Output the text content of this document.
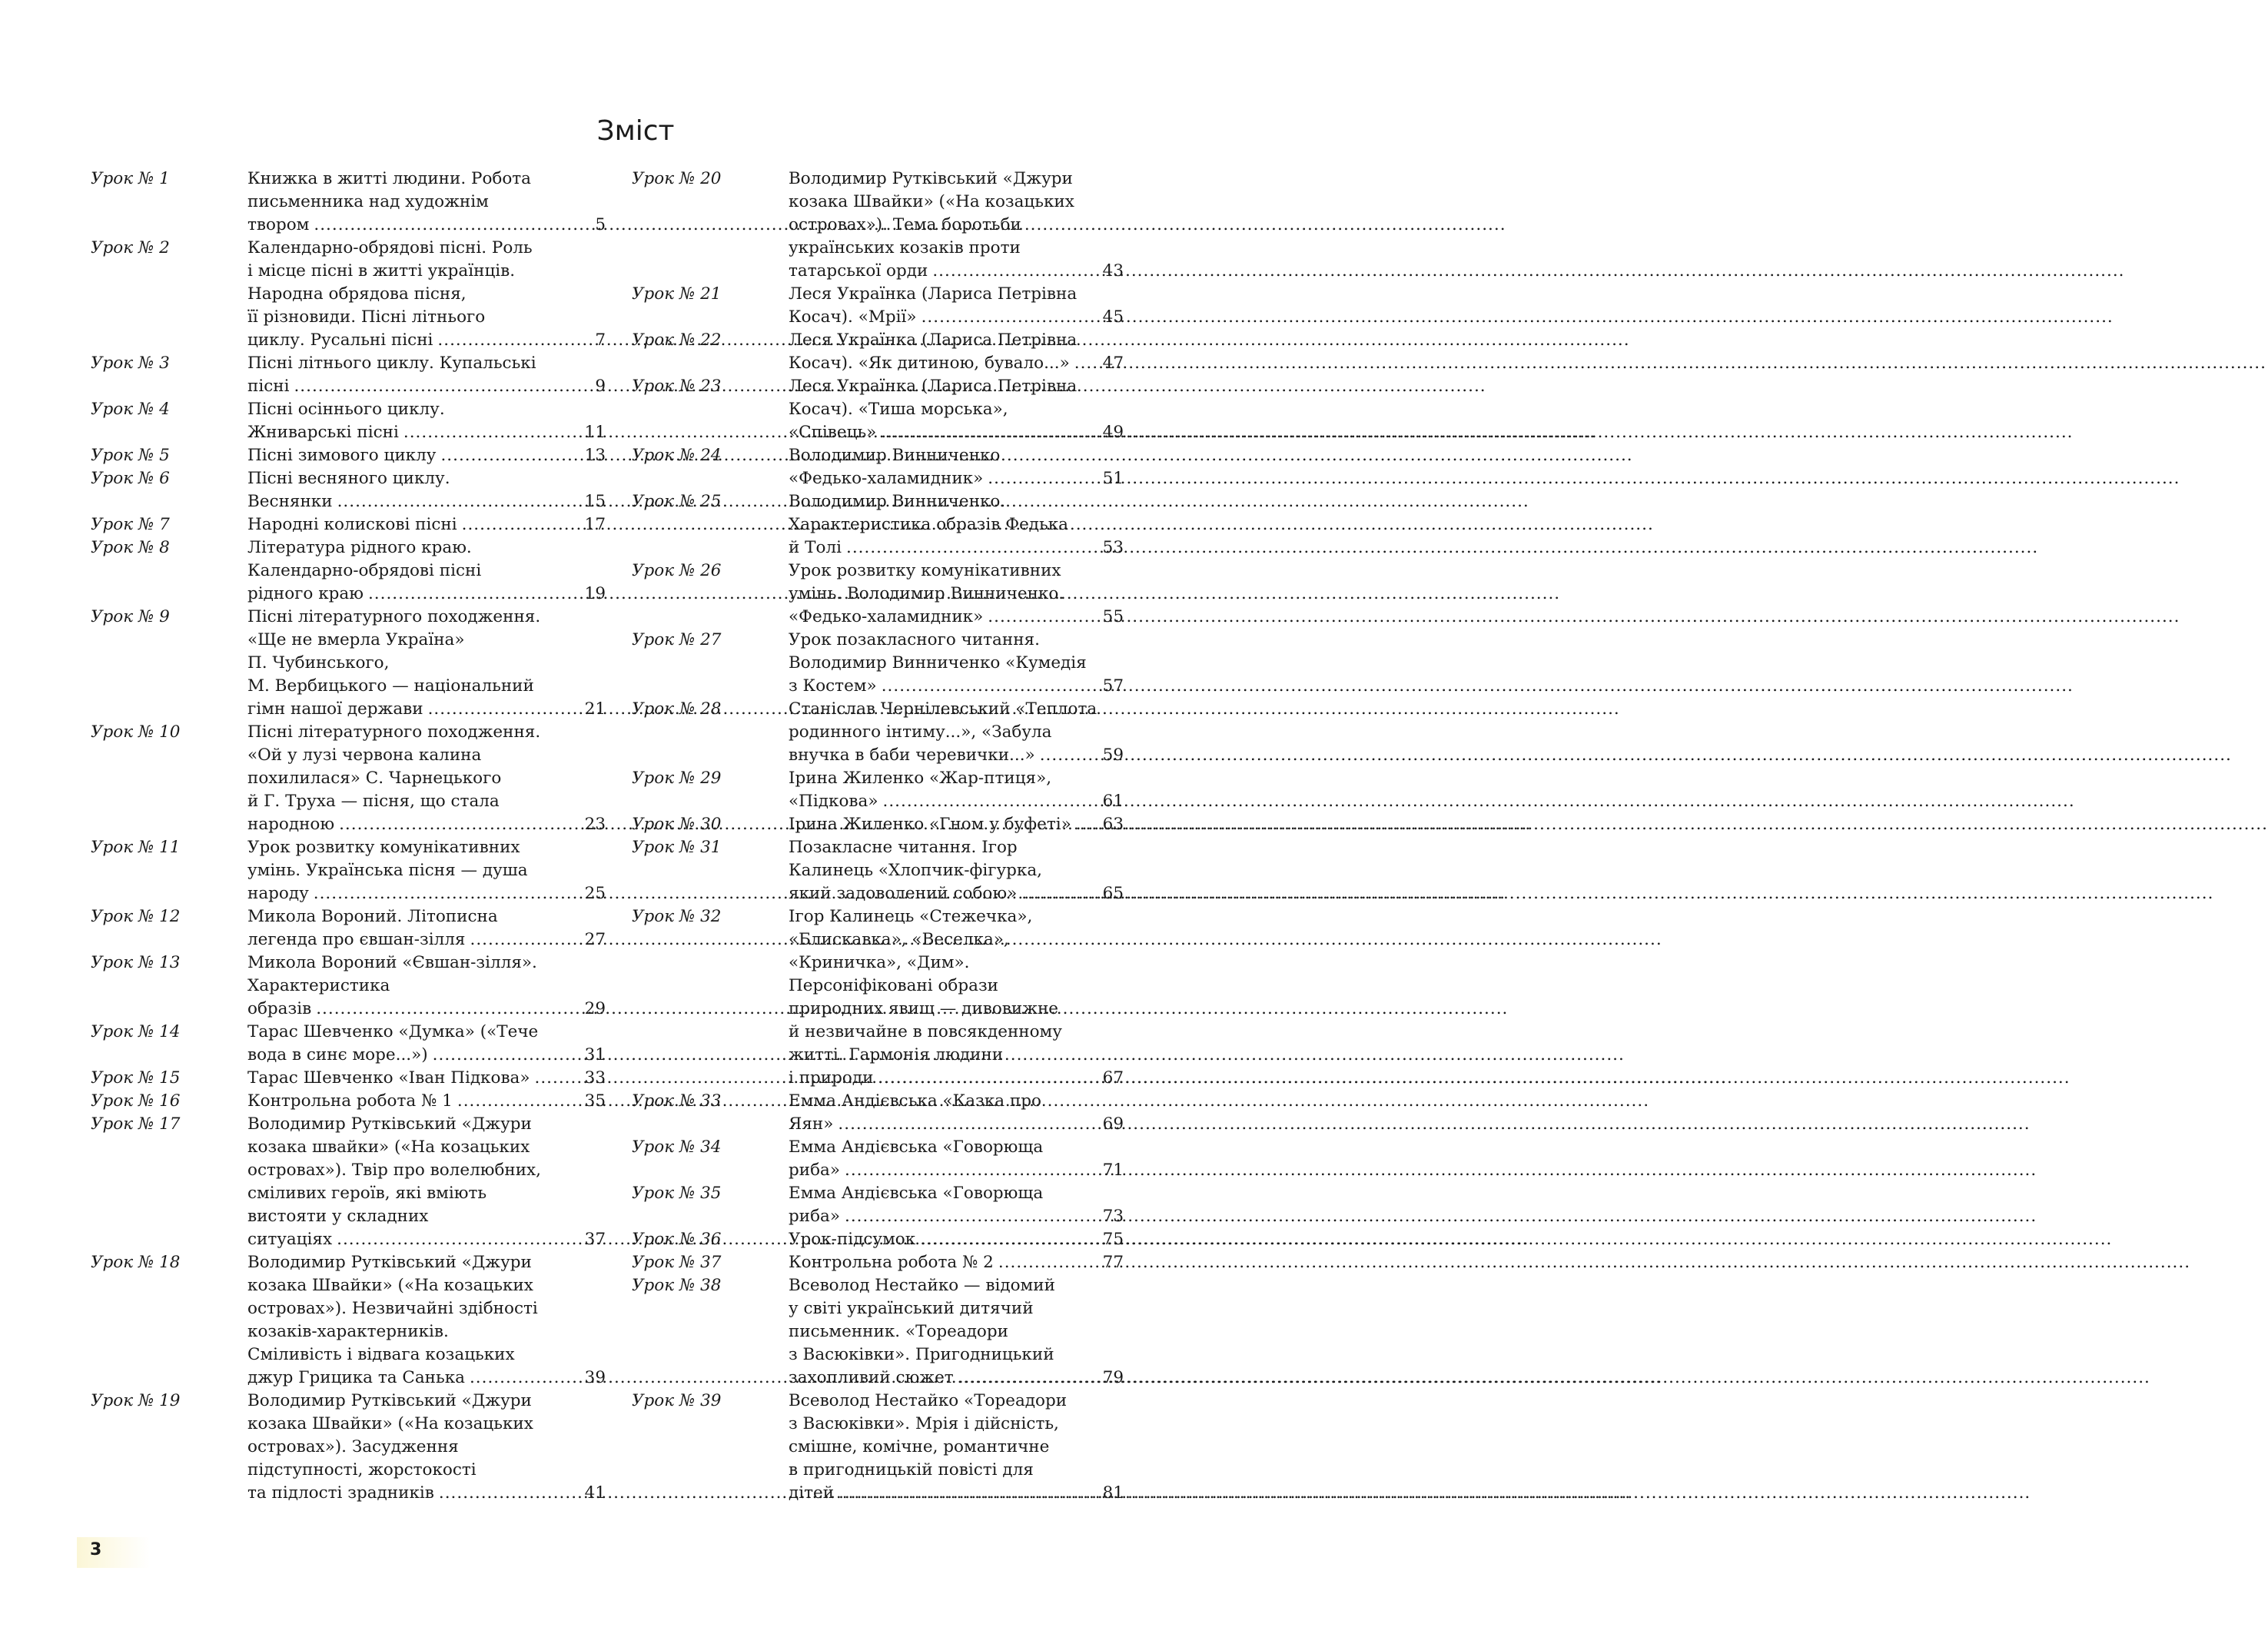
Зміст
Урок № 1	Книжка в житті людини. Робота
письменника над художнім
твором .....	5
Урок № 2	Календарно-обрядові пісні. Роль
і місце пісні в житті українців.
Народна обрядова пісня,
її різновиди. Пісні літнього
циклу. Русальні пісні .....	7
Урок № 3	Пісні літнього циклу. Купальські
пісні .....	9
Урок № 4	Пісні осіннього циклу.
Жниварські пісні .....	11
Урок № 5	Пісні зимового циклу .....	13
Урок № 6	Пісні весняного циклу.
Веснянки .....	15
Урок № 7	Народні колискові пісні .....	17
Урок № 8	Література рідного краю.
Календарно-обрядові пісні
рідного краю .....	19
Урок № 9	Пісні літературного походження.
«Ще не вмерла Україна»
П. Чубинського,
М. Вербицького — національний
гімн нашої держави .....	21
Урок № 10	Пісні літературного походження.
«Ой у лузі червона калина
похилилася» С. Чарнецького
й Г. Труха — пісня, що стала
народною .....	23
Урок № 11	Урок розвитку комунікативних
умінь. Українська пісня — душа
народу .....	25
Урок № 12	Микола Вороний. Літописна
легенда про євшан-зілля .....	27
Урок № 13	Микола Вороний «Євшан-зілля».
Характеристика
образів .....	29
Урок № 14	Тарас Шевченко «Думка» («Тече
вода в синє море...») .....	31
Урок № 15	Тарас Шевченко «Іван Підкова» .....	33
Урок № 16	Контрольна робота № 1 .....	35
Урок № 17	Володимир Рутківський «Джури
козака швайки» («На козацьких
островах»). Твір про волелюбних,
сміливих героїв, які вміють
вистояти у складних
ситуаціях .....	37
Урок № 18	Володимир Рутківський «Джури
козака Швайки» («На козацьких
островах»). Незвичайні здібності
козаків-характерників.
Сміливість і відвага козацьких
джур Грицика та Санька .....	39
Урок № 19	Володимир Рутківський «Джури
козака Швайки» («На козацьких
островах»). Засудження
підступності, жорстокості
та підлості зрадників .....	41
Урок № 20	Володимир Рутківський «Джури
козака Швайки» («На козацьких
островах»). Тема боротьби
українських козаків проти
татарської орди .....	43
Урок № 21	Леся Українка (Лариса Петрівна
Косач). «Мрії» .....	45
Урок № 22	Леся Українка (Лариса Петрівна
Косач). «Як дитиною, бувало...» ..... 47
Урок № 23	Леся Українка (Лариса Петрівна
Косач). «Тиша морська»,
«Співець» .....	49
Урок № 24	Володимир Винниченко
«Федько-халамидник» .....	51
Урок № 25	Володимир Винниченко.
Характеристика образів Федька
й Толі .....	53
Урок № 26	Урок розвитку комунікативних
умінь. Володимир Винниченко.
«Федько-халамидник» .....	55
Урок № 27	Урок позакласного читання.
Володимир Винниченко «Кумедія
з Костем» .....	57
Урок № 28	Станіслав Чернілевський «Теплота
родинного інтиму...», «Забула
внучка в баби черевички...» .....	59
Урок № 29	Ірина Жиленко «Жар-птиця»,
«Підкова» .....	61
Урок № 30	Ірина Жиленко «Гном у буфеті» ..... 63
Урок № 31	Позакласне читання. Ігор
Калинець «Хлопчик-фігурка,
який задоволений собою» .....	65
Урок № 32	Ігор Калинець «Стежечка»,
«Блискавка», «Веселка»,
«Криничка», «Дим».
Персоніфіковані образи
природних явищ — дивовижне
й незвичайне в повсякденному
житті. Гармонія людини
і природи .....	67
Урок № 33	Емма Андієвська «Казка про
Яян» .....	69
Урок № 34	Емма Андієвська «Говорюща
риба» .....	71
Урок № 35	Емма Андієвська «Говорюща
риба» .....	73
Урок № 36	Урок-підсумок .....	75
Урок № 37	Контрольна робота № 2 .....	77
Урок № 38	Всеволод Нестайко — відомий
у світі український дитячий
письменник. «Тореадори
з Васюківки». Пригодницький
захопливий сюжет .....	79
Урок № 39	Всеволод Нестайко «Тореадори
з Васюківки». Мрія і дійсність,
смішне, комічне, романтичне
в пригодницькій повісті для
дітей .....	81
3
